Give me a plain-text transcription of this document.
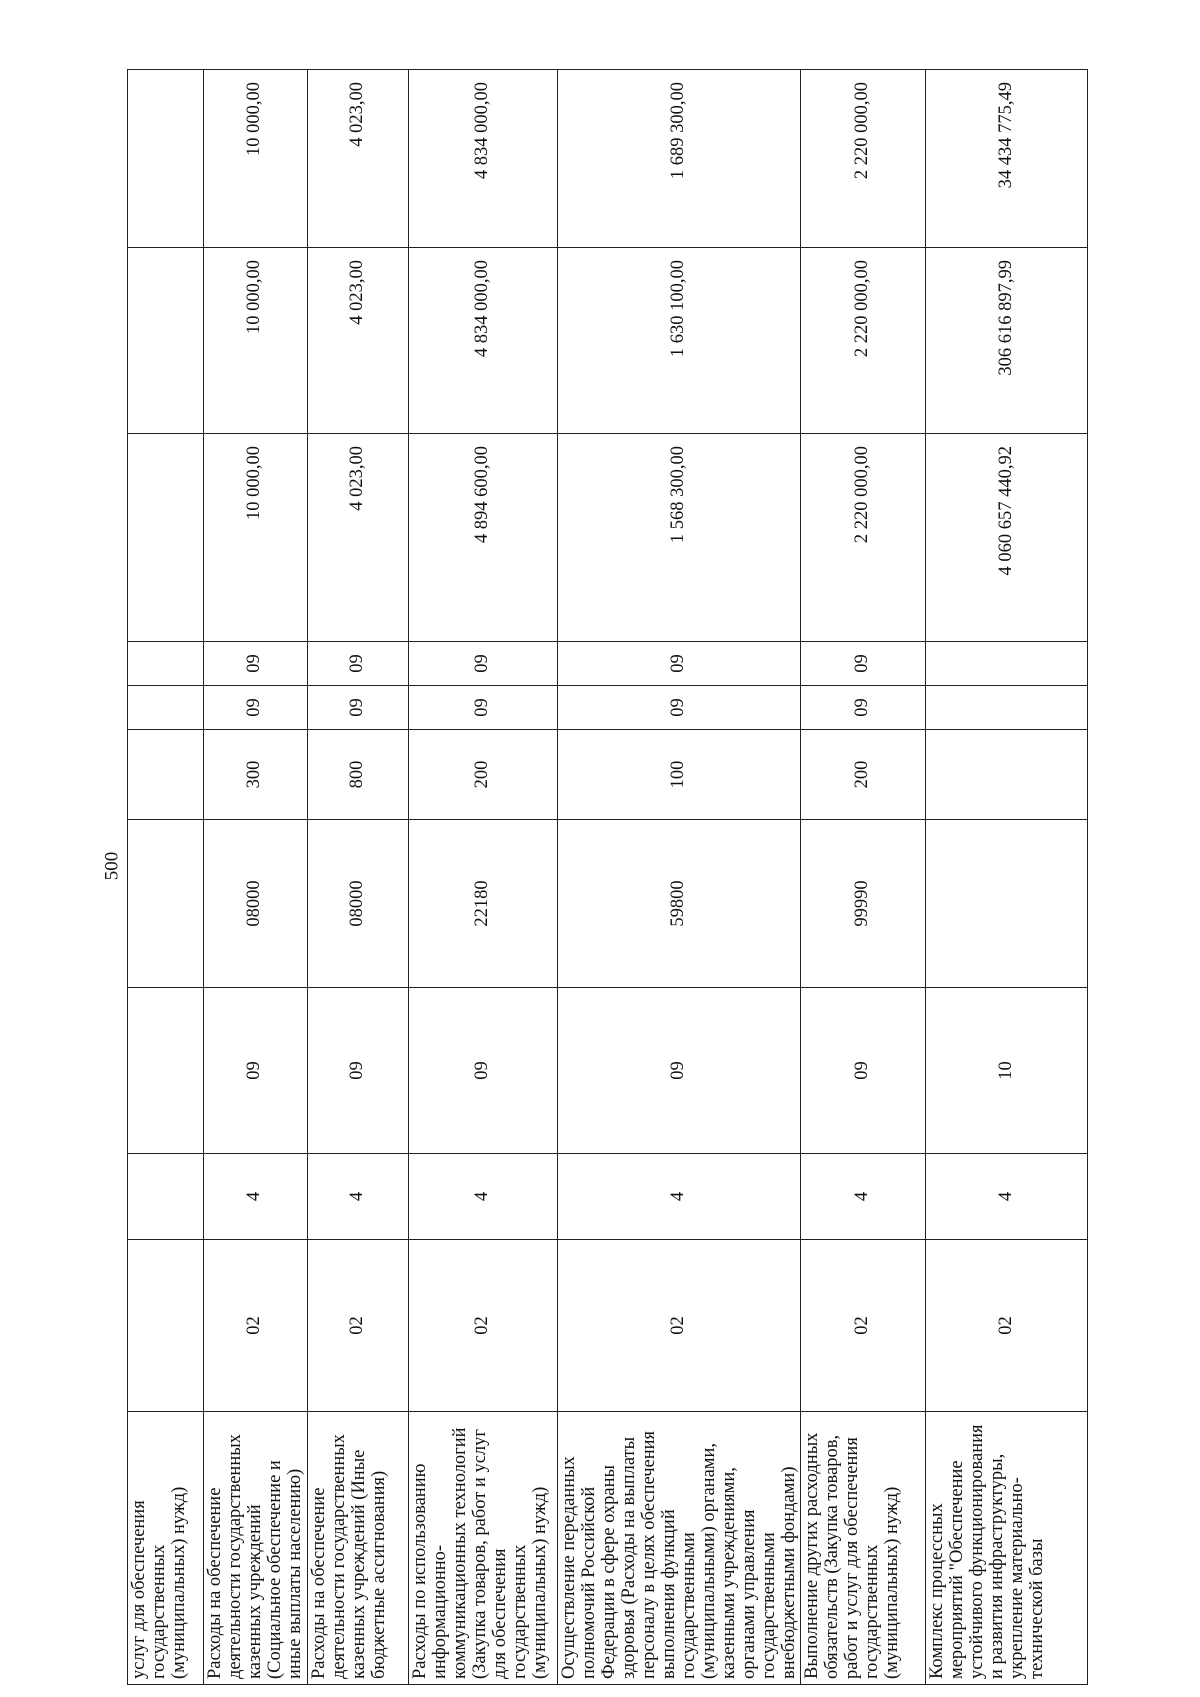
500
услуг для обеспечения государственных (муниципальных) нужд)										
Расходы на обеспечение деятельности государственных казенных учреждений (Социальное обеспечение и иные выплаты населению)	02	4	09	08000	300	09	09	10 000,00	10 000,00	10 000,00
Расходы на обеспечение деятельности государственных казенных учреждений (Иные бюджетные ассигнования)	02	4	09	08000	800	09	09	4 023,00	4 023,00	4 023,00
Расходы по использованию информационно-коммуникационных технологий (Закупка товаров, работ и услуг для обеспечения государственных (муниципальных) нужд)	02	4	09	22180	200	09	09	4 894 600,00	4 834 000,00	4 834 000,00
Осуществление переданных полномочий Российской Федерации в сфере охраны здоровья (Расходы на выплаты персоналу в целях обеспечения выполнения функций государственными (муниципальными) органами, казенными учреждениями, органами управления государственными внебюджетными фондами)	02	4	09	59800	100	09	09	1 568 300,00	1 630 100,00	1 689 300,00
Выполнение других расходных обязательств (Закупка товаров, работ и услуг для обеспечения государственных (муниципальных) нужд)	02	4	09	99990	200	09	09	2 220 000,00	2 220 000,00	2 220 000,00
Комплекс процессных мероприятий "Обеспечение устойчивого функционирования и развития инфраструктуры, укрепление материально-технической базы	02	4	10					4 060 657 440,92	306 616 897,99	34 434 775,49
